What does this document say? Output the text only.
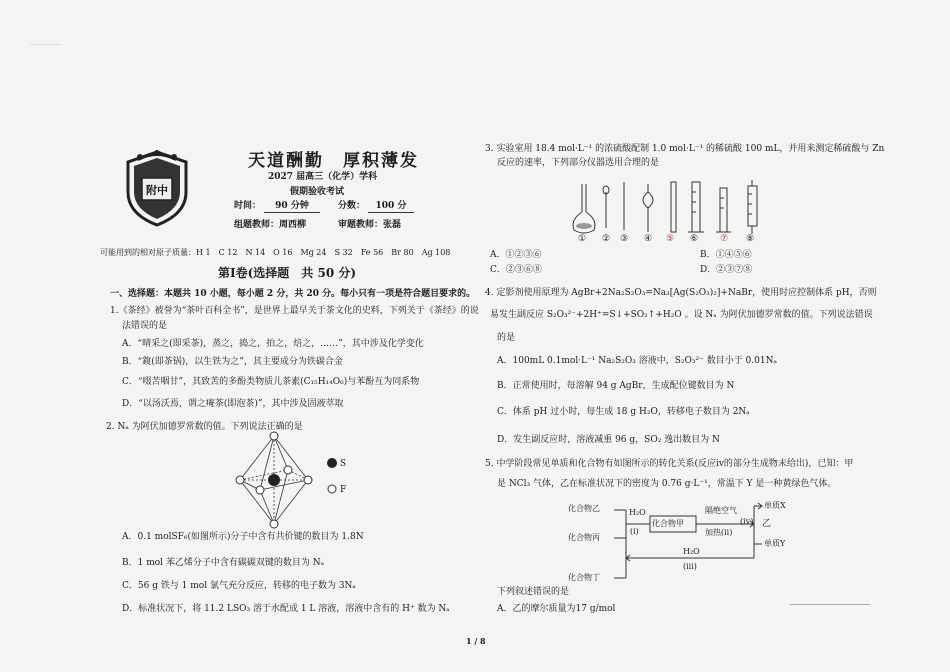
附中
天道酬勤　厚积薄发
2027 届高三（化学）学科
假期验收考试
时间：	90 分钟	分数：	100 分
组题教师：周西柳	审题教师：张磊
可能用到的相对原子质量：H 1　C 12　N 14　O 16　Mg 24　S 32　Fe 56　Br 80　Ag 108
第Ⅰ卷(选择题　共 50 分)
一、选择题：本题共 10 小题，每小题 2 分，共 20 分。每小只有一项是符合题目要求的。
1.《茶经》被誉为“茶叶百科全书”，是世界上最早关于茶文化的史料，下列关于《茶经》的说
法错误的是
A．“晴采之(即采茶)，蒸之，捣之，拍之，焙之，……”，其中涉及化学变化
B．“鍑(即茶锅)，以生铁为之”，其主要成分为铁碳合金
C．“啜苦咽甘”，其致苦的多酚类物质儿茶素(C₁₅H₁₄O₆)与苯酚互为同系物
D．“以汤沃焉，谓之痷茶(即泡茶)”，其中涉及固液萃取
2. Nₐ 为阿伏加德罗常数的值。下列说法正确的是
S
F
A．0.1 molSF₆(如图所示)分子中含有共价键的数目为 1.8N
B．1 mol 苯乙烯分子中含有碳碳双键的数目为 Nₐ
C．56 g 铁与 1 mol 氯气充分反应，转移的电子数为 3Nₐ
D．标准状况下，将 11.2 LSO₃ 溶于水配成 1 L 溶液，溶液中含有的 H⁺ 数为 Nₐ
3. 实验室用 18.4 mol·L⁻¹ 的浓硫酸配制 1.0 mol·L⁻¹ 的稀硫酸 100 mL，并用来测定稀硫酸与 Zn
反应的速率，下列部分仪器选用合理的是
① ② ③ ④ ⑤ ⑥ ⑦ ⑧
A．①②③⑥	B．①④⑤⑥
C．②③⑥⑧	D．②③⑦⑧
4. 定影剂使用原理为 AgBr+2Na₂S₂O₃=Na₃[Ag(S₂O₃)₂]+NaBr，使用时应控制体系 pH，否则
易发生副反应 S₂O₃²⁻+2H⁺=S↓+SO₂↑+H₂O 。设 Nₐ 为阿伏加德罗常数的值。下列说法错误
的是
A．100mL 0.1mol·L⁻¹ Na₂S₂O₃ 溶液中，S₂O₃²⁻ 数目小于 0.01Nₐ
B．正常使用时，每溶解 94 g AgBr，生成配位键数目为 N
C．体系 pH 过小时，每生成 18 g H₂O，转移电子数目为 2Nₐ
D．发生副反应时，溶液减重 96 g，SO₂ 逸出数目为 N
5. 中学阶段常见单质和化合物有如图所示的转化关系(反应iv的部分生成物未给出)，已知：甲
是 NCl₃ 气体，乙在标准状况下的密度为 0.76 g·L⁻¹，常温下 Y 是一种黄绿色气体。
化合物乙
化合物丙
化合物丁
H₂O
(i)
化合物甲
隔绝空气
加热(ii)
单质X
单质Y
(iv) 乙
H₂O
(iii)
下列叙述错误的是
A．乙的摩尔质量为17 g/mol
1 / 8
